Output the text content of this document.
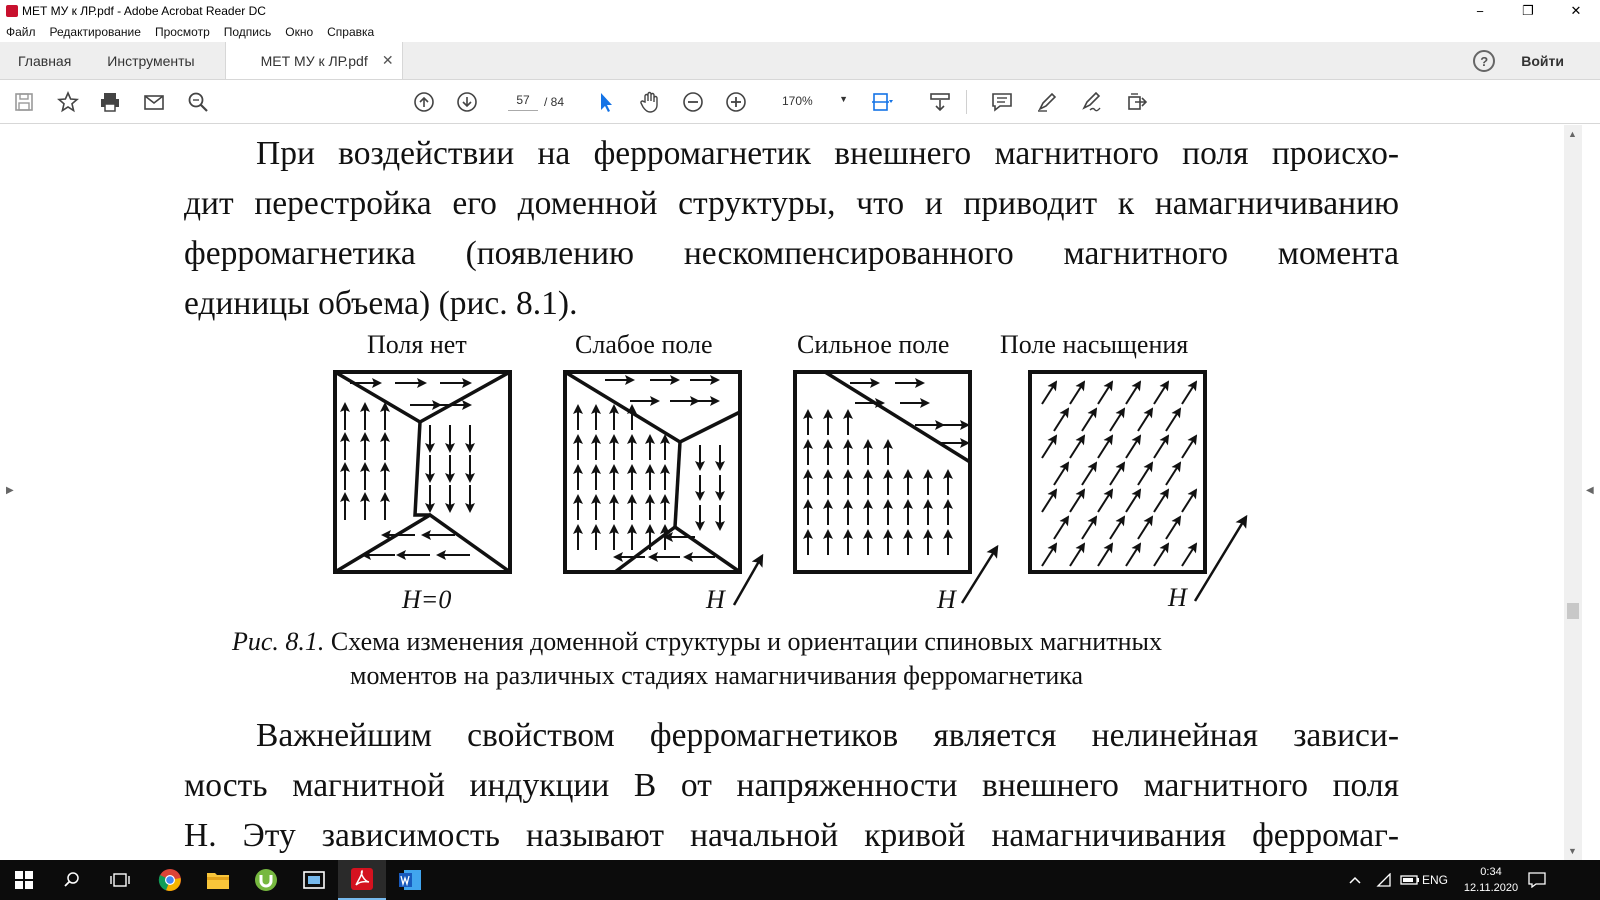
МЕТ МУ к ЛР.pdf - Adobe Acrobat Reader DC	−	❐	✕
Файл Редактирование Просмотр Подпись Окно Справка
Главная	Инструменты	МЕТ МУ к ЛР.pdf ✕	?	Войти
57	/ 84	170%	▼
▶
При воздействии на ферромагнетик внешнего магнитного поля происхо-
дит перестройка его доменной структуры, что и приводит к намагничиванию
ферромагнетика (появлению нескомпенсированного магнитного момента
единицы объема) (рис. 8.1).
Поля нет	Слабое поле	Сильное поле Поле насыщения
H=0	H	H	H
Рис. 8.1. Схема изменения доменной структуры и ориентации спиновых магнитных
моментов на различных стадиях намагничивания ферромагнетика
Важнейшим свойством ферромагнетиков является нелинейная зависи-
мость магнитной индукции B от напряженности внешнего магнитного поля
H. Эту зависимость называют начальной кривой намагничивания ферромаг-
▲
▼
◀
ENG
0:34
12.11.2020
